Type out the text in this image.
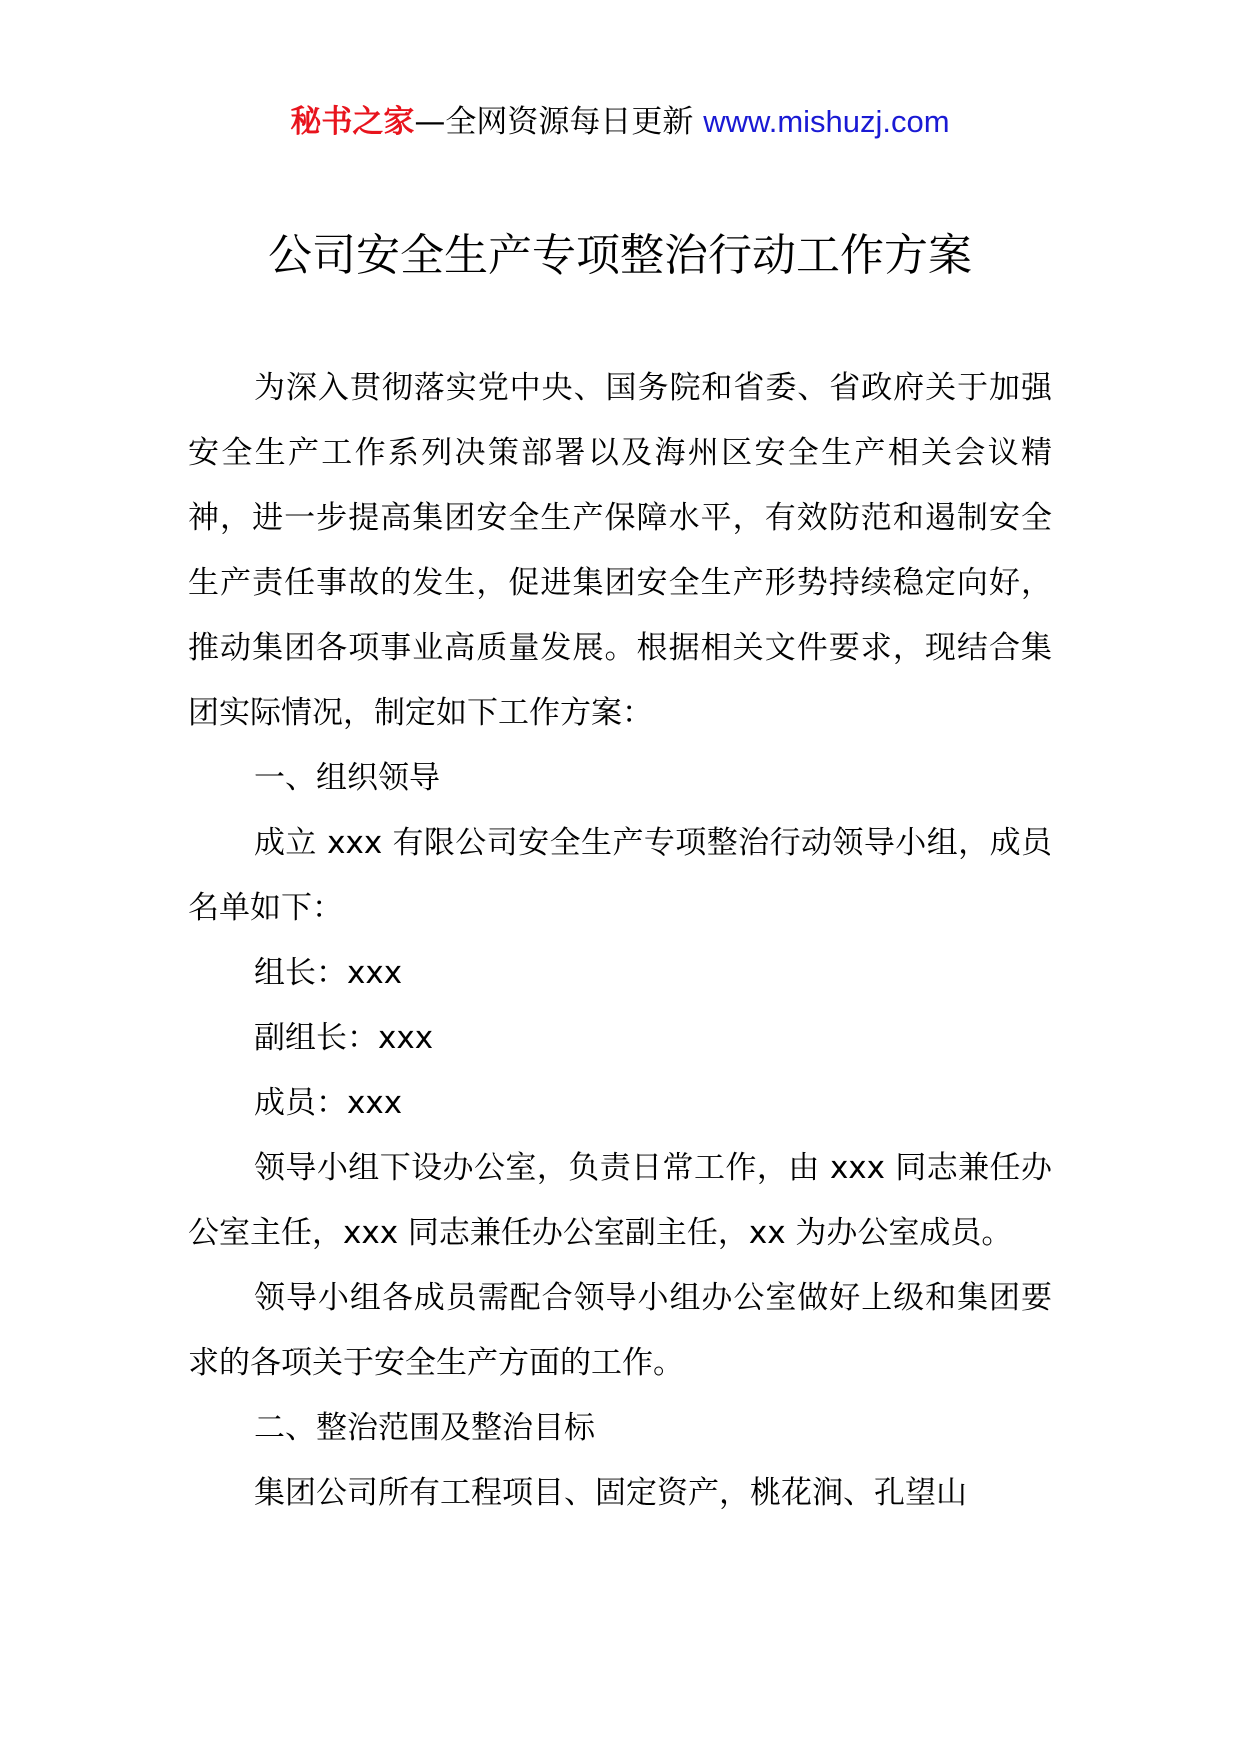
秘书之家—全网资源每日更新 www.mishuzj.com
公司安全生产专项整治行动工作方案

为深入贯彻落实党中央、国务院和省委、省政府关于加强安全生产工作系列决策部署以及海州区安全生产相关会议精神，进一步提高集团安全生产保障水平，有效防范和遏制安全生产责任事故的发生，促进集团安全生产形势持续稳定向好，推动集团各项事业高质量发展。根据相关文件要求，现结合集团实际情况，制定如下工作方案：

一、组织领导

成立 xxx 有限公司安全生产专项整治行动领导小组，成员名单如下：

组长：xxx

副组长：xxx

成员：xxx

领导小组下设办公室，负责日常工作，由 xxx 同志兼任办公室主任，xxx 同志兼任办公室副主任，xx 为办公室成员。

领导小组各成员需配合领导小组办公室做好上级和集团要求的各项关于安全生产方面的工作。

二、整治范围及整治目标

集团公司所有工程项目、固定资产，桃花涧、孔望山
